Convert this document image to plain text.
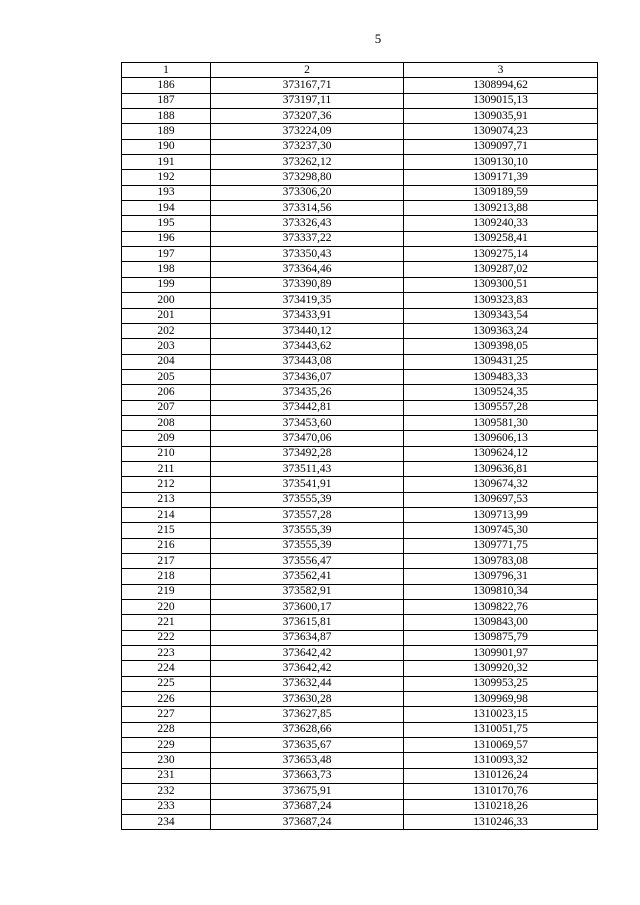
5
1	2	3
186	373167,71	1308994,62
187	373197,11	1309015,13
188	373207,36	1309035,91
189	373224,09	1309074,23
190	373237,30	1309097,71
191	373262,12	1309130,10
192	373298,80	1309171,39
193	373306,20	1309189,59
194	373314,56	1309213,88
195	373326,43	1309240,33
196	373337,22	1309258,41
197	373350,43	1309275,14
198	373364,46	1309287,02
199	373390,89	1309300,51
200	373419,35	1309323,83
201	373433,91	1309343,54
202	373440,12	1309363,24
203	373443,62	1309398,05
204	373443,08	1309431,25
205	373436,07	1309483,33
206	373435,26	1309524,35
207	373442,81	1309557,28
208	373453,60	1309581,30
209	373470,06	1309606,13
210	373492,28	1309624,12
211	373511,43	1309636,81
212	373541,91	1309674,32
213	373555,39	1309697,53
214	373557,28	1309713,99
215	373555,39	1309745,30
216	373555,39	1309771,75
217	373556,47	1309783,08
218	373562,41	1309796,31
219	373582,91	1309810,34
220	373600,17	1309822,76
221	373615,81	1309843,00
222	373634,87	1309875,79
223	373642,42	1309901,97
224	373642,42	1309920,32
225	373632,44	1309953,25
226	373630,28	1309969,98
227	373627,85	1310023,15
228	373628,66	1310051,75
229	373635,67	1310069,57
230	373653,48	1310093,32
231	373663,73	1310126,24
232	373675,91	1310170,76
233	373687,24	1310218,26
234	373687,24	1310246,33
